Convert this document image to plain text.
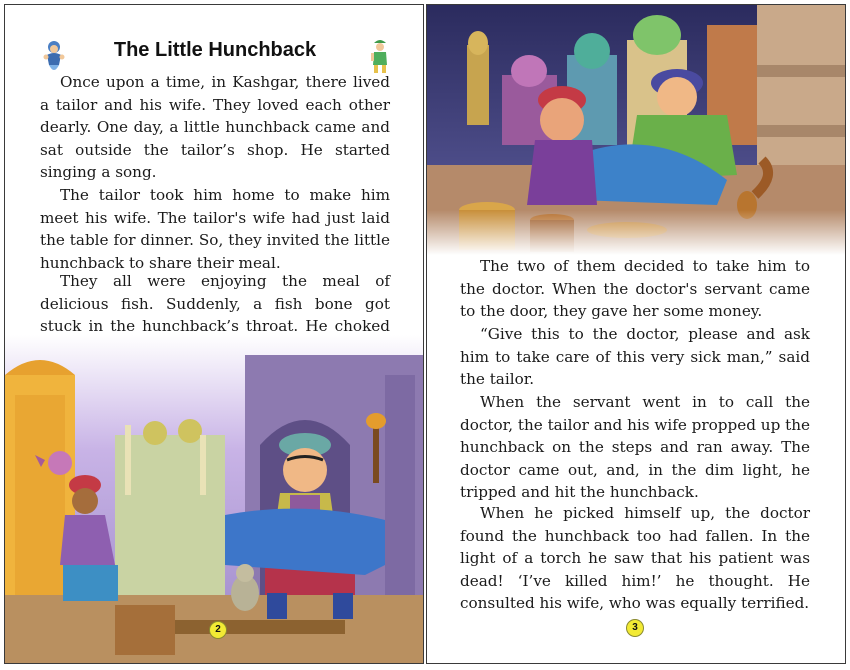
The Little Hunchback

Once upon a time, in Kashgar, there lived a tailor and his wife. They loved each other dearly. One day, a little hunchback came and sat outside the tailor’s shop. He started singing a song.

The tailor took him home to make him meet his wife. The tailor's wife had just laid the table for dinner. So, they invited the little hunchback to share their meal.

They all were enjoying the meal of delicious fish. Suddenly, a fish bone got stuck in the hunchback’s throat. He choked

2

The two of them decided to take him to the doctor. When the doctor's servant came to the door, they gave her some money.

“Give this to the doctor, please and ask him to take care of this very sick man,” said the tailor.

When the servant went in to call the doctor, the tailor and his wife propped up the hunchback on the steps and ran away. The doctor came out, and, in the dim light, he tripped and hit the hunchback.

When he picked himself up, the doctor found the hunchback too had fallen. In the light of a torch he saw that his patient was dead! ‘I’ve killed him!’ he thought. He consulted his wife, who was equally terrified.

3
